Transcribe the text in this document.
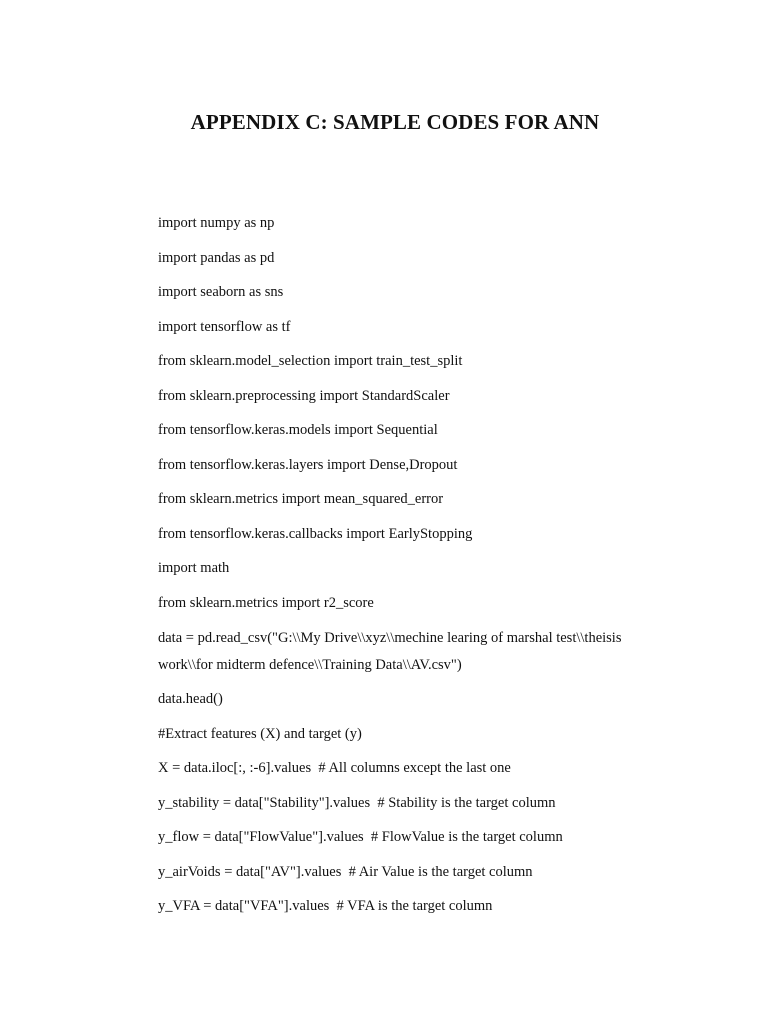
APPENDIX C: SAMPLE CODES FOR ANN
import numpy as np
import pandas as pd
import seaborn as sns
import tensorflow as tf
from sklearn.model_selection import train_test_split
from sklearn.preprocessing import StandardScaler
from tensorflow.keras.models import Sequential
from tensorflow.keras.layers import Dense,Dropout
from sklearn.metrics import mean_squared_error
from tensorflow.keras.callbacks import EarlyStopping
import math
from sklearn.metrics import r2_score
data = pd.read_csv("G:\\My Drive\\xyz\\mechine learing of marshal test\\theisis
work\\for midterm defence\\Training Data\\AV.csv")
data.head()
#Extract features (X) and target (y)
X = data.iloc[:, :-6].values  # All columns except the last one
y_stability = data["Stability"].values  # Stability is the target column
y_flow = data["FlowValue"].values  # FlowValue is the target column
y_airVoids = data["AV"].values  # Air Value is the target column
y_VFA = data["VFA"].values  # VFA is the target column
